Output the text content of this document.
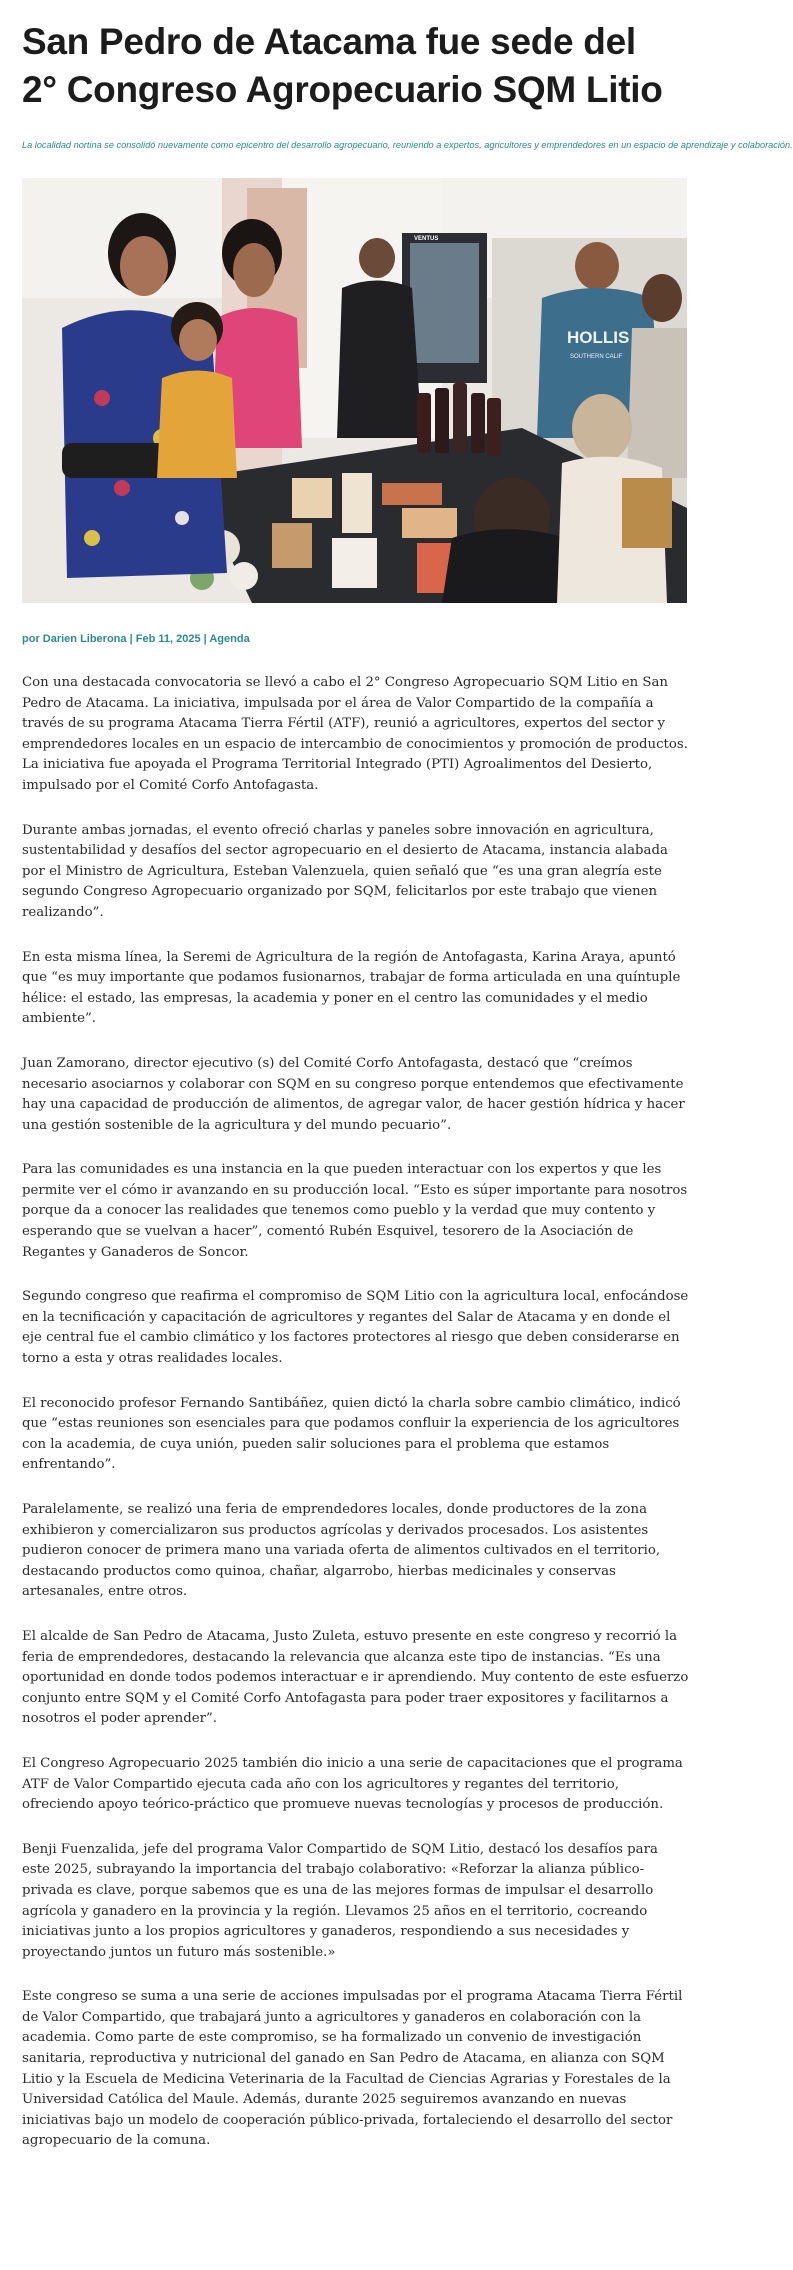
San Pedro de Atacama fue sede del 2° Congreso Agropecuario SQM Litio

La localidad nortina se consolidó nuevamente como epicentro del desarrollo agropecuario, reuniendo a expertos, agricultores y emprendedores en un espacio de aprendizaje y colaboración.

HOLLIS
SOUTHERN CALIF
VENTUS
por Darien Liberona | Feb 11, 2025 | Agenda

Con una destacada convocatoria se llevó a cabo el 2° Congreso Agropecuario SQM Litio en San Pedro de Atacama. La iniciativa, impulsada por el área de Valor Compartido de la compañía a través de su programa Atacama Tierra Fértil (ATF), reunió a agricultores, expertos del sector y emprendedores locales en un espacio de intercambio de conocimientos y promoción de productos.
La iniciativa fue apoyada el Programa Territorial Integrado (PTI) Agroalimentos del Desierto, impulsado por el Comité Corfo Antofagasta.

Durante ambas jornadas, el evento ofreció charlas y paneles sobre innovación en agricultura, sustentabilidad y desafíos del sector agropecuario en el desierto de Atacama, instancia alabada por el Ministro de Agricultura, Esteban Valenzuela, quien señaló que “es una gran alegría este segundo Congreso Agropecuario organizado por SQM, felicitarlos por este trabajo que vienen realizando”.

En esta misma línea, la Seremi de Agricultura de la región de Antofagasta, Karina Araya, apuntó que “es muy importante que podamos fusionarnos, trabajar de forma articulada en una quíntuple hélice: el estado, las empresas, la academia y poner en el centro las comunidades y el medio ambiente”.

Juan Zamorano, director ejecutivo (s) del Comité Corfo Antofagasta, destacó que “creímos necesario asociarnos y colaborar con SQM en su congreso porque entendemos que efectivamente hay una capacidad de producción de alimentos, de agregar valor, de hacer gestión hídrica y hacer una gestión sostenible de la agricultura y del mundo pecuario”.

Para las comunidades es una instancia en la que pueden interactuar con los expertos y que les permite ver el cómo ir avanzando en su producción local. “Esto es súper importante para nosotros porque da a conocer las realidades que tenemos como pueblo y la verdad que muy contento y esperando que se vuelvan a hacer”, comentó Rubén Esquivel, tesorero de la Asociación de Regantes y Ganaderos de Soncor.

Segundo congreso que reafirma el compromiso de SQM Litio con la agricultura local, enfocándose en la tecnificación y capacitación de agricultores y regantes del Salar de Atacama y en donde el eje central fue el cambio climático y los factores protectores al riesgo que deben considerarse en torno a esta y otras realidades locales.

El reconocido profesor Fernando Santibáñez, quien dictó la charla sobre cambio climático, indicó que “estas reuniones son esenciales para que podamos confluir la experiencia de los agricultores con la academia, de cuya unión, pueden salir soluciones para el problema que estamos enfrentando”.

Paralelamente, se realizó una feria de emprendedores locales, donde productores de la zona exhibieron y comercializaron sus productos agrícolas y derivados procesados. Los asistentes pudieron conocer de primera mano una variada oferta de alimentos cultivados en el territorio, destacando productos como quinoa, chañar, algarrobo, hierbas medicinales y conservas artesanales, entre otros.

El alcalde de San Pedro de Atacama, Justo Zuleta, estuvo presente en este congreso y recorrió la feria de emprendedores, destacando la relevancia que alcanza este tipo de instancias. “Es una oportunidad en donde todos podemos interactuar e ir aprendiendo. Muy contento de este esfuerzo conjunto entre SQM y el Comité Corfo Antofagasta para poder traer expositores y facilitarnos a nosotros el poder aprender”.

El Congreso Agropecuario 2025 también dio inicio a una serie de capacitaciones que el programa ATF de Valor Compartido ejecuta cada año con los agricultores y regantes del territorio, ofreciendo apoyo teórico-práctico que promueve nuevas tecnologías y procesos de producción.

Benji Fuenzalida, jefe del programa Valor Compartido de SQM Litio, destacó los desafíos para este 2025, subrayando la importancia del trabajo colaborativo: «Reforzar la alianza público-privada es clave, porque sabemos que es una de las mejores formas de impulsar el desarrollo agrícola y ganadero en la provincia y la región. Llevamos 25 años en el territorio, cocreando iniciativas junto a los propios agricultores y ganaderos, respondiendo a sus necesidades y proyectando juntos un futuro más sostenible.»

Este congreso se suma a una serie de acciones impulsadas por el programa Atacama Tierra Fértil de Valor Compartido, que trabajará junto a agricultores y ganaderos en colaboración con la academia. Como parte de este compromiso, se ha formalizado un convenio de investigación sanitaria, reproductiva y nutricional del ganado en San Pedro de Atacama, en alianza con SQM Litio y la Escuela de Medicina Veterinaria de la Facultad de Ciencias Agrarias y Forestales de la Universidad Católica del Maule. Además, durante 2025 seguiremos avanzando en nuevas iniciativas bajo un modelo de cooperación público-privada, fortaleciendo el desarrollo del sector agropecuario de la comuna.
